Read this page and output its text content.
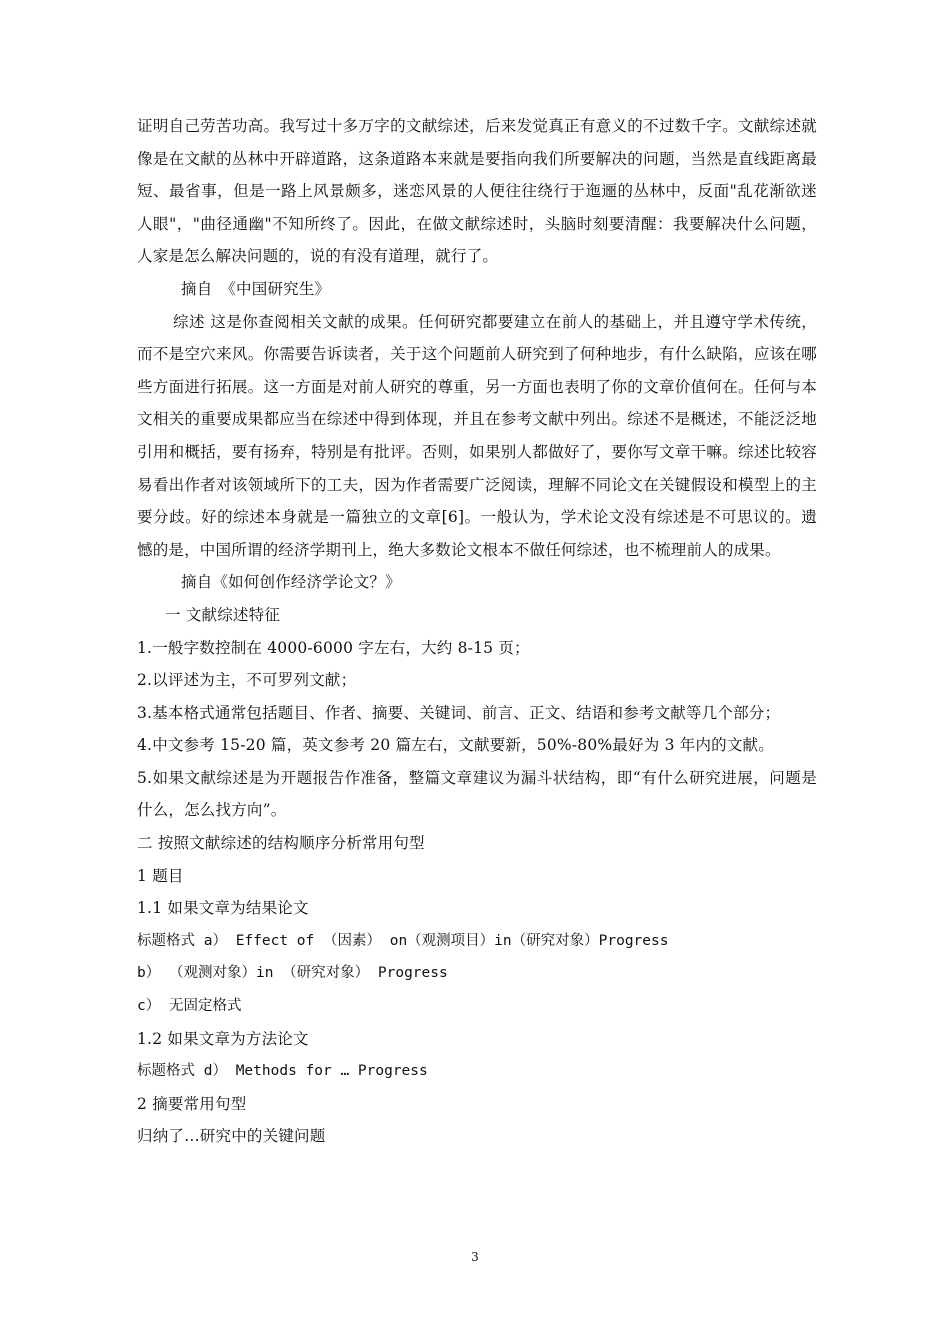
证明自己劳苦功高。我写过十多万字的文献综述，后来发觉真正有意义的不过数千字。文献综述就像是在文献的丛林中开辟道路，这条道路本来就是要指向我们所要解决的问题，当然是直线距离最短、最省事，但是一路上风景颇多，迷恋风景的人便往往绕行于迤逦的丛林中，反面"乱花渐欲迷人眼"，"曲径通幽"不知所终了。因此，在做文献综述时，头脑时刻要清醒：我要解决什么问题，人家是怎么解决问题的，说的有没有道理，就行了。

摘自　《中国研究生》

综述 这是你查阅相关文献的成果。任何研究都要建立在前人的基础上，并且遵守学术传统，而不是空穴来风。你需要告诉读者，关于这个问题前人研究到了何种地步，有什么缺陷，应该在哪些方面进行拓展。这一方面是对前人研究的尊重，另一方面也表明了你的文章价值何在。任何与本文相关的重要成果都应当在综述中得到体现，并且在参考文献中列出。综述不是概述，不能泛泛地引用和概括，要有扬弃，特别是有批评。否则，如果别人都做好了，要你写文章干嘛。综述比较容易看出作者对该领域所下的工夫，因为作者需要广泛阅读，理解不同论文在关键假设和模型上的主要分歧。好的综述本身就是一篇独立的文章[6]。一般认为，学术论文没有综述是不可思议的。遗憾的是，中国所谓的经济学期刊上，绝大多数论文根本不做任何综述，也不梳理前人的成果。

摘自《如何创作经济学论文？》

一 文献综述特征

1.一般字数控制在 4000-6000 字左右，大约 8-15 页；

2.以评述为主，不可罗列文献；

3.基本格式通常包括题目、作者、摘要、关键词、前言、正文、结语和参考文献等几个部分；

4.中文参考 15-20 篇，英文参考 20 篇左右，文献要新，50%-80%最好为 3 年内的文献。

5.如果文献综述是为开题报告作准备，整篇文章建议为漏斗状结构，即“有什么研究进展，问题是什么，怎么找方向”。

二 按照文献综述的结构顺序分析常用句型

1 题目

1.1 如果文章为结果论文

标题格式 a） Effect of （因素） on（观测项目）in（研究对象）Progress

b） （观测对象）in （研究对象） Progress

c） 无固定格式

1.2 如果文章为方法论文

标题格式 d） Methods for … Progress

2 摘要常用句型

归纳了…研究中的关键问题

3
